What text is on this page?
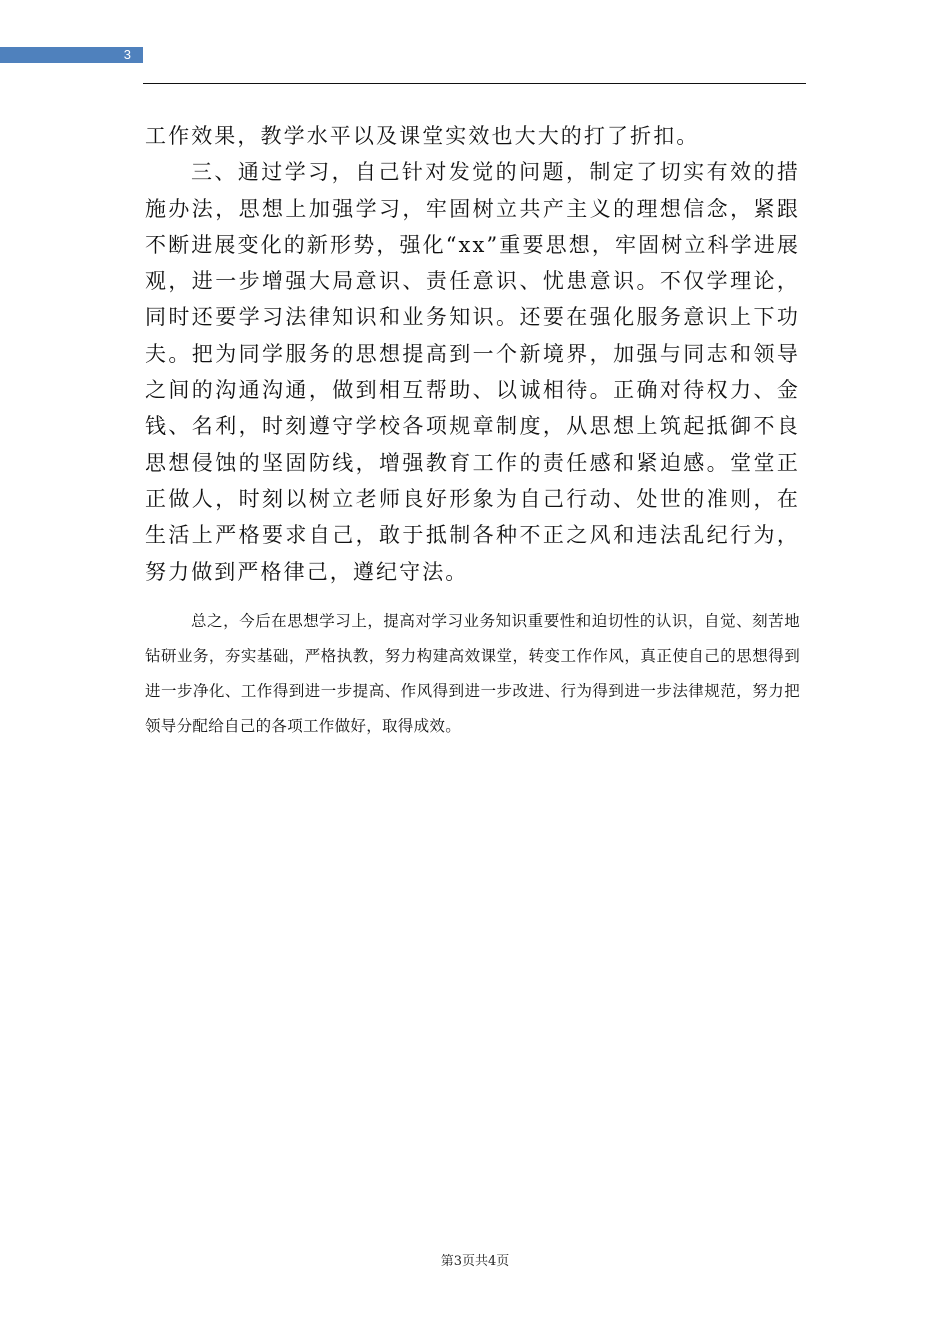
3

工作效果，教学水平以及课堂实效也大大的打了折扣。

三、通过学习，自己针对发觉的问题，制定了切实有效的措施办法，思想上加强学习，牢固树立共产主义的理想信念，紧跟不断进展变化的新形势，强化“xx”重要思想，牢固树立科学进展观，进一步增强大局意识、责任意识、忧患意识。不仅学理论，同时还要学习法律知识和业务知识。还要在强化服务意识上下功夫。把为同学服务的思想提高到一个新境界，加强与同志和领导之间的沟通沟通，做到相互帮助、以诚相待。正确对待权力、金钱、名利，时刻遵守学校各项规章制度，从思想上筑起抵御不良思想侵蚀的坚固防线，增强教育工作的责任感和紧迫感。堂堂正正做人，时刻以树立老师良好形象为自己行动、处世的准则，在生活上严格要求自己，敢于抵制各种不正之风和违法乱纪行为，努力做到严格律己，遵纪守法。

总之，今后在思想学习上，提高对学习业务知识重要性和迫切性的认识，自觉、刻苦地钻研业务，夯实基础，严格执教，努力构建高效课堂，转变工作作风，真正使自己的思想得到进一步净化、工作得到进一步提高、作风得到进一步改进、行为得到进一步法律规范，努力把领导分配给自己的各项工作做好，取得成效。

第3页共4页
